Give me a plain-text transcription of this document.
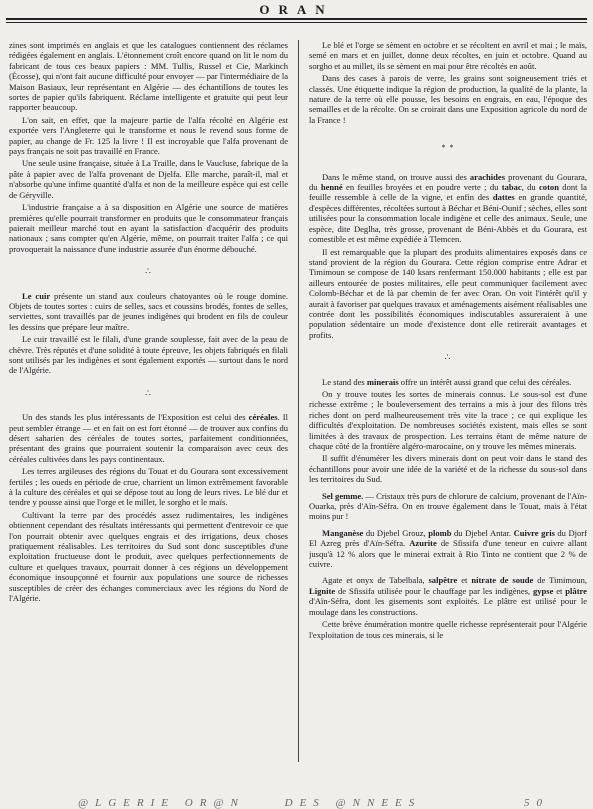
ORAN

zines sont imprimés en anglais et que les catalogues contiennent des réclames rédigées également en anglais. L'étonnement croît encore quand on lit le nom du fabricant de tous ces beaux papiers : MM. Tullis, Russel et Cie, Markinch (Écosse), qui n'ont fait aucune difficulté pour envoyer — par l'intermédiaire de la Maison Basiaux, leur représentant en Algérie — des échantillons de toutes les sortes de papier qu'ils fabriquent. Réclame intelligente et gratuite qui peut leur rapporter beaucoup.

L'on sait, en effet, que la majeure partie de l'alfa récolté en Algérie est exportée vers l'Angleterre qui le transforme et nous le revend sous forme de papier, au change de Fr. 125 la livre ! Il est incroyable que l'alfa provenant de pays français ne soit pas travaillé en France.

Une seule usine française, située à La Traille, dans le Vaucluse, fabrique de la pâte à papier avec de l'alfa provenant de Djelfa. Elle marche, paraît-il, mal et n'absorbe qu'une infime quantité d'alfa et non de la meilleure espèce qui est celle de Géryville.

L'industrie française a à sa disposition en Algérie une source de matières premières qu'elle pourrait transformer en produits que le consommateur français paierait meilleur marché tout en ayant la satisfaction d'acquérir des produits nationaux ; sans compter qu'en Algérie, même, on pourrait traiter l'alfa ; ce qui provoquerait la naissance d'une industrie assurée d'un énorme débouché.

∴

Le cuir présente un stand aux couleurs chatoyantes où le rouge domine. Objets de toutes sortes : cuirs de selles, sacs et coussins brodés, fontes de selles, serviettes, sont travaillés par de jeunes indigènes qui brodent en fils de couleur les dessins que prépare leur maître.

Le cuir travaillé est le filali, d'une grande souplesse, fait avec de la peau de chèvre. Très réputés et d'une solidité à toute épreuve, les objets fabriqués en filali sont utilisés par les indigènes et sont également exportés — surtout dans le nord de l'Algérie.

∴

Un des stands les plus intéressants de l'Exposition est celui des céréales. Il peut sembler étrange — et en fait on est fort étonné — de trouver aux confins du désert saharien des céréales de toutes sortes, parfaitement conditionnées, présentant des grains que pourraient soutenir la comparaison avec ceux des céréales cultivées dans les pays continentaux.

Les terres argileuses des régions du Touat et du Gourara sont excessivement fertiles ; les oueds en période de crue, charrient un limon extrêmement favorable à la culture des céréales et qui se dépose tout au long de leurs rives. Le blé dur et tendre y pousse ainsi que l'orge et le millet, le sorgho et le maïs.

Cultivant la terre par des procédés assez rudimentaires, les indigènes obtiennent cependant des résultats intéressants qui permettent d'entrevoir ce que l'on pourrait obtenir avec quelques engrais et des irrigations, deux choses pratiquement réalisables. Les territoires du Sud sont donc susceptibles d'une exploitation fructueuse dont le produit, avec quelques perfectionnements de culture et quelques travaux, pourrait donner à ces régions un développement économique insoupçonné et fournir aux populations une source de richesses susceptibles de créer des échanges commerciaux avec les régions du Nord de l'Algérie.

Le blé et l'orge se sèment en octobre et se récoltent en avril et mai ; le maïs, semé en mars et en juillet, donne deux récoltes, en juin et octobre. Quand au sorgho et au millet, ils se sèment en mai pour être récoltés en août.

Dans des cases à parois de verre, les grains sont soigneusement triés et classés. Une étiquette indique la région de production, la qualité de la plante, la nature de la terre où elle pousse, les besoins en engrais, en eau, l'époque des semailles et de la récolte. On se croirait dans une Exposition agricole du nord de la France !

* *

Dans le même stand, on trouve aussi des arachides provenant du Gourara, du henné en feuilles broyées et en poudre verte ; du tabac, du coton dont la feuille ressemble à celle de la vigne, et enfin des dattes en grande quantité, d'espèces différentes, récoltées surtout à Béchar et Béni-Ounif ; sèches, elles sont utilisées pour la consommation locale indigène et celle des animaux. Seule, une espèce, dite Deglha, très grosse, provenant de Béni-Abbès et du Gourara, est comestible et est même expédiée à Tlemcen.

Il est remarquable que la plupart des produits alimentaires exposés dans ce stand provient de la région du Gourara. Cette région comprise entre Adrar et Timimoun se compose de 140 ksars renfermant 150.000 habitants ; elle est par ailleurs entourée de postes militaires, elle peut communiquer facilement avec Colomb-Béchar et de là par chemin de fer avec Oran. On voit l'intérêt qu'il y aurait à favoriser par quelques travaux et aménagements aisément réalisables une contrée dont les possibilités économiques indiscutables assureraient à une population sédentaire un mode d'existence dont elle retirerait avantages et profits.

∴

Le stand des minerais offre un intérêt aussi grand que celui des céréales.

On y trouve toutes les sortes de minerais connus. Le sous-sol est d'une richesse extrême ; le bouleversement des terrains a mis à jour des filons très riches dont on perd malheureusement très vite la trace ; ce qui explique les difficultés d'exploitation. De nombreuses sociétés existent, mais elles se sont limitées à des travaux de prospection. Les terrains étant de même nature de chaque côté de la frontière algéro-marocaine, on y trouve les mêmes minerais.

Il suffit d'énumérer les divers minerais dont on peut voir dans le stand des échantillons pour avoir une idée de la variété et de la richesse du sous-sol dans les territoires du Sud.

Sel gemme. — Cristaux très purs de chlorure de calcium, provenant de l'Aïn-Ouarka, près d'Aïn-Séfra. On en trouve également dans le Touat, mais à l'état moins pur !

Manganèse du Djebel Grouz, plomb du Djebel Antar. Cuivre gris du Djorf El Azreg près d'Aïn-Séfra. Azurite de Sfissifa d'une teneur en cuivre allant jusqu'à 12 % alors que le minerai extrait à Rio Tinto ne contient que 2 % de cuivre.

Agate et onyx de Tabelbala, salpêtre et nitrate de soude de Timimoun, Lignite de Sfissifa utilisée pour le chauffage par les indigènes, gypse et plâtre d'Aïn-Séfra, dont les gisements sont exploités. Le plâtre est utilisé pour le moulage dans les constructions.

Cette brève énumération montre quelle richesse représenterait pour l'Algérie l'exploitation de tous ces minerais, si le

@LGERIE OR@N	DES @NNEES	50
